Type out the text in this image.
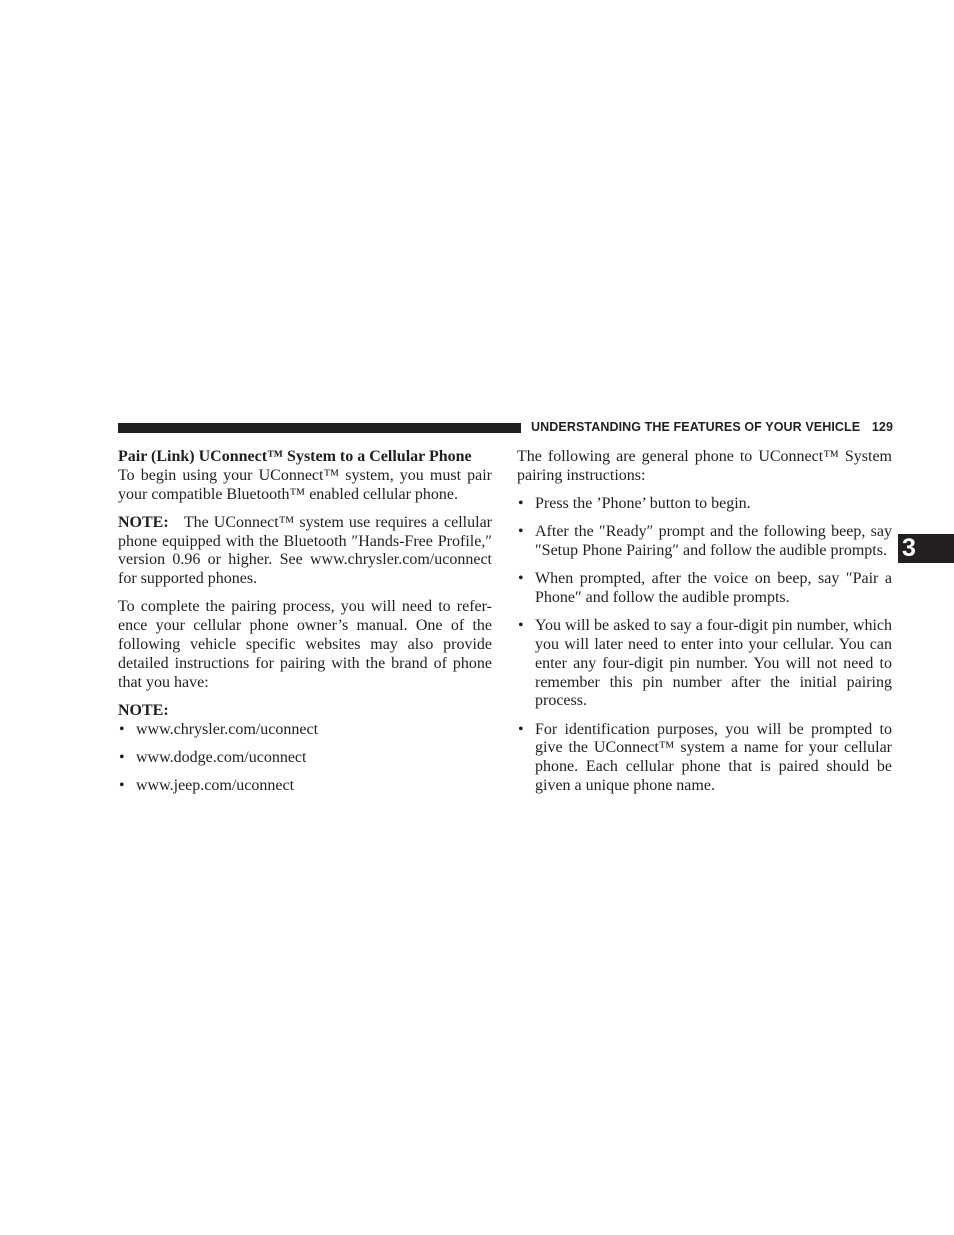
UNDERSTANDING THE FEATURES OF YOUR VEHICLE 129
3

Pair (Link) UConnect™ System to a Cellular Phone

To begin using your UConnect™ system, you must pair your compatible Bluetooth™ enabled cellular phone.

NOTE: The UConnect™ system use requires a cellular phone equipped with the Bluetooth ″Hands-Free Profile,″ version 0.96 or higher. See www.chrysler.com/uconnect for supported phones.

To complete the pairing process, you will need to refer-ence your cellular phone owner’s manual. One of the following vehicle specific websites may also provide detailed instructions for pairing with the brand of phone that you have:

NOTE:

• www.chrysler.com/uconnect
• www.dodge.com/uconnect
• www.jeep.com/uconnect

The following are general phone to UConnect™ System pairing instructions:

• Press the ’Phone’ button to begin.
• After the ″Ready″ prompt and the following beep, say ″Setup Phone Pairing″ and follow the audible prompts.
• When prompted, after the voice on beep, say ″Pair a Phone″ and follow the audible prompts.
• You will be asked to say a four-digit pin number, which you will later need to enter into your cellular. You can enter any four-digit pin number. You will not need to remember this pin number after the initial pairing process.
• For identification purposes, you will be prompted to give the UConnect™ system a name for your cellular phone. Each cellular phone that is paired should be given a unique phone name.
